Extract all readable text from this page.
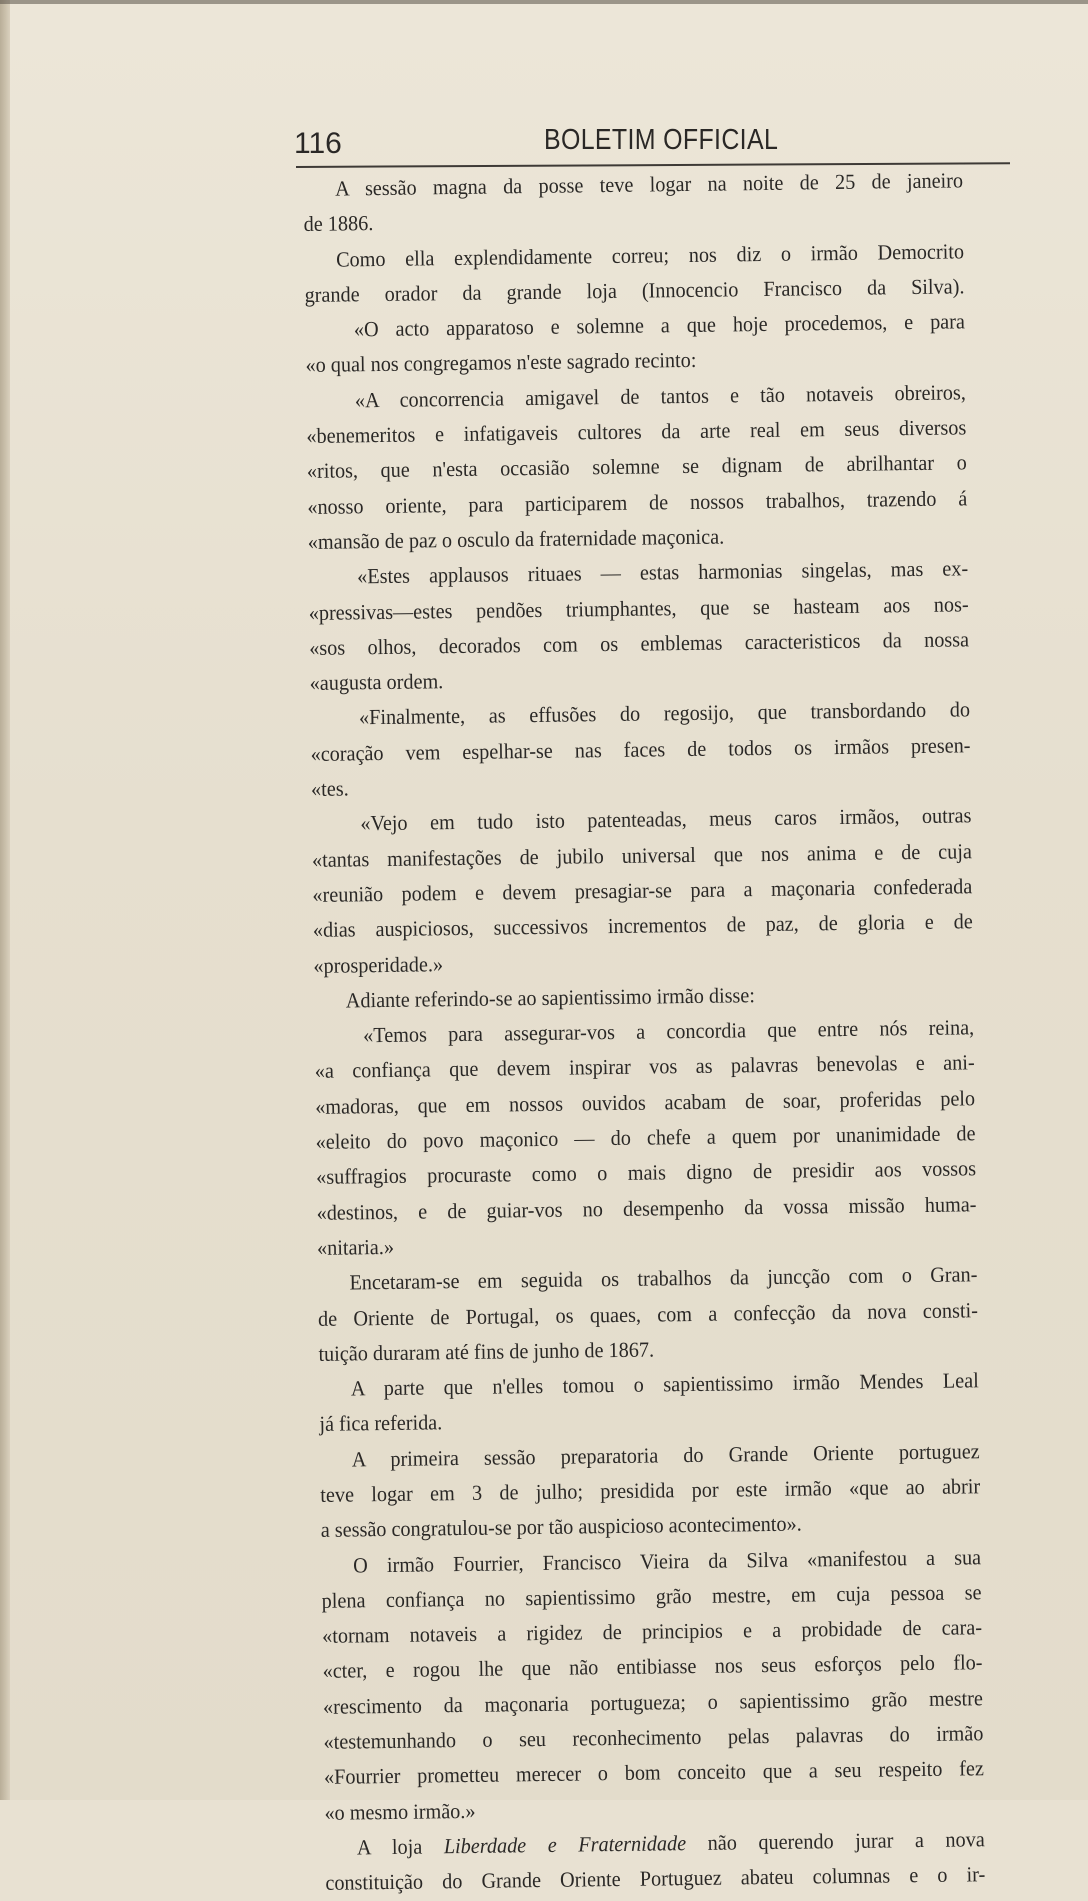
116	BOLETIM OFFICIAL
A sessão magna da posse teve logar na noite de 25 de janeiro
de 1886.
Como ella explendidamente correu; nos diz o irmão Democrito
grande orador da grande loja (Innocencio Francisco da Silva).
«O acto apparatoso e solemne a que hoje procedemos, e para
«o qual nos congregamos n'este sagrado recinto:
«A concorrencia amigavel de tantos e tão notaveis obreiros,
«benemeritos e infatigaveis cultores da arte real em seus diversos
«ritos, que n'esta occasião solemne se dignam de abrilhantar o
«nosso oriente, para participarem de nossos trabalhos, trazendo á
«mansão de paz o osculo da fraternidade maçonica.
«Estes applausos rituaes — estas harmonias singelas, mas ex-
«pressivas—estes pendões triumphantes, que se hasteam aos nos-
«sos olhos, decorados com os emblemas caracteristicos da nossa
«augusta ordem.
«Finalmente, as effusões do regosijo, que transbordando do
«coração vem espelhar-se nas faces de todos os irmãos presen-
«tes.
«Vejo em tudo isto patenteadas, meus caros irmãos, outras
«tantas manifestações de jubilo universal que nos anima e de cuja
«reunião podem e devem presagiar-se para a maçonaria confederada
«dias auspiciosos, successivos incrementos de paz, de gloria e de
«prosperidade.»
Adiante referindo-se ao sapientissimo irmão disse:
«Temos para assegurar-vos a concordia que entre nós reina,
«a confiança que devem inspirar vos as palavras benevolas e ani-
«madoras, que em nossos ouvidos acabam de soar, proferidas pelo
«eleito do povo maçonico — do chefe a quem por unanimidade de
«suffragios procuraste como o mais digno de presidir aos vossos
«destinos, e de guiar-vos no desempenho da vossa missão huma-
«nitaria.»
Encetaram-se em seguida os trabalhos da juncção com o Gran-
de Oriente de Portugal, os quaes, com a confecção da nova consti-
tuição duraram até fins de junho de 1867.
A parte que n'elles tomou o sapientissimo irmão Mendes Leal
já fica referida.
A primeira sessão preparatoria do Grande Oriente portuguez
teve logar em 3 de julho; presidida por este irmão «que ao abrir
a sessão congratulou-se por tão auspicioso acontecimento».
O irmão Fourrier, Francisco Vieira da Silva «manifestou a sua
plena confiança no sapientissimo grão mestre, em cuja pessoa se
«tornam notaveis a rigidez de principios e a probidade de cara-
«cter, e rogou lhe que não entibiasse nos seus esforços pelo flo-
«rescimento da maçonaria portugueza; o sapientissimo grão mestre
«testemunhando o seu reconhecimento pelas palavras do irmão
«Fourrier prometteu merecer o bom conceito que a seu respeito fez
«o mesmo irmão.»
A loja Liberdade e Fraternidade não querendo jurar a nova
constituição do Grande Oriente Portuguez abateu columnas e o ir-
